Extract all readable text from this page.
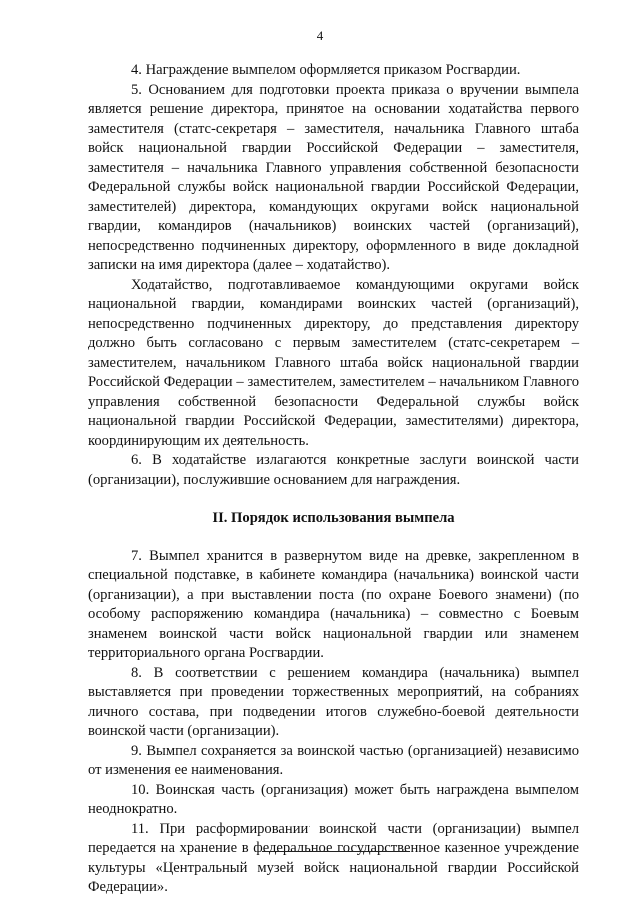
4

4. Награждение вымпелом оформляется приказом Росгвардии.

5. Основанием для подготовки проекта приказа о вручении вымпела является решение директора, принятое на основании ходатайства первого заместителя (статс-секретаря – заместителя, начальника Главного штаба войск национальной гвардии Российской Федерации – заместителя, заместителя – начальника Главного управления собственной безопасности Федеральной службы войск национальной гвардии Российской Федерации, заместителей) директора, командующих округами войск национальной гвардии, командиров (начальников) воинских частей (организаций), непосредственно подчиненных директору, оформленного в виде докладной записки на имя директора (далее – ходатайство).

Ходатайство, подготавливаемое командующими округами войск национальной гвардии, командирами воинских частей (организаций), непосредственно подчиненных директору, до представления директору должно быть согласовано с первым заместителем (статс-секретарем – заместителем, начальником Главного штаба войск национальной гвардии Российской Федерации – заместителем, заместителем – начальником Главного управления собственной безопасности Федеральной службы войск национальной гвардии Российской Федерации, заместителями) директора, координирующим их деятельность.

6. В ходатайстве излагаются конкретные заслуги воинской части (организации), послужившие основанием для награждения.

II. Порядок использования вымпела

7. Вымпел хранится в развернутом виде на древке, закрепленном в специальной подставке, в кабинете командира (начальника) воинской части (организации), а при выставлении поста (по охране Боевого знамени) (по особому распоряжению командира (начальника) – совместно с Боевым знаменем воинской части войск национальной гвардии или знаменем территориального органа Росгвардии.

8. В соответствии с решением командира (начальника) вымпел выставляется при проведении торжественных мероприятий, на собраниях личного состава, при подведении итогов служебно-боевой деятельности воинской части (организации).

9. Вымпел сохраняется за воинской частью (организацией) независимо от изменения ее наименования.

10. Воинская часть (организация) может быть награждена вымпелом неоднократно.

11. При расформировании воинской части (организации) вымпел передается на хранение в федеральное государственное казенное учреждение культуры «Центральный музей войск национальной гвардии Российской Федерации».
